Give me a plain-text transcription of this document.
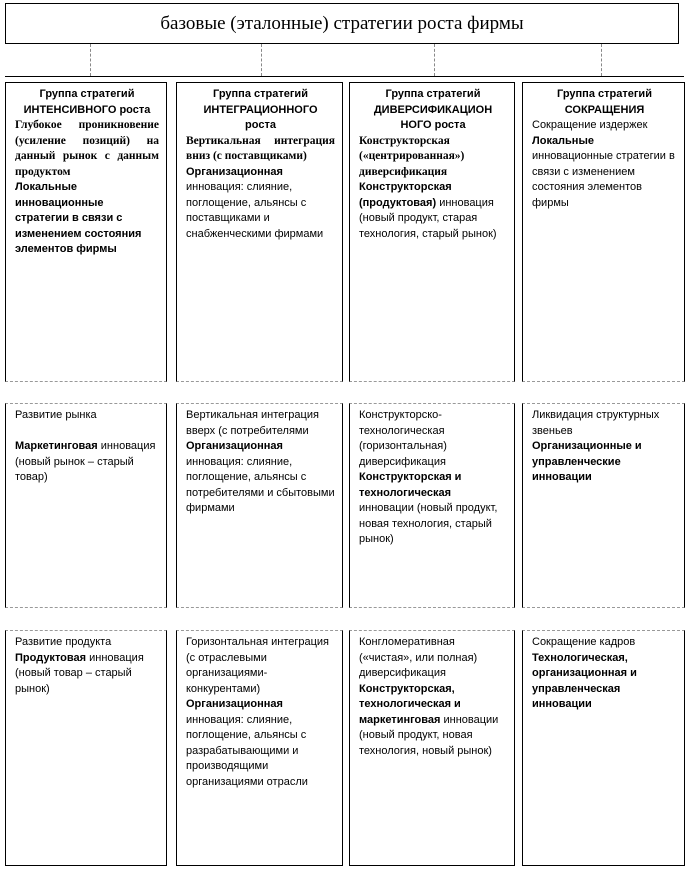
базовые (эталонные) стратегии роста фирмы
Группа стратегий
ИНТЕНСИВНОГО роста
Глубокое проникновение (усиление позиций) на данный рынок с данным продуктом
Локальные инновационные стратегии в связи с изменением состояния элементов фирмы
Развитие рынка

Маркетинговая инновация (новый рынок – старый товар)
Развитие продукта
Продуктовая инновация (новый товар – старый рынок)
Группа стратегий
ИНТЕГРАЦИОННОГО
роста
Вертикальная интеграция вниз (с поставщиками)
Организационная инновация: слияние, поглощение, альянсы с поставщиками и снабженческими фирмами
Вертикальная интеграция вверх (с потребителями
Организационная инновация: слияние, поглощение, альянсы с потребителями и сбытовыми фирмами
Горизонтальная интеграция (с отраслевыми организациями-конкурентами)
Организационная инновация: слияние, поглощение, альянсы с разрабатывающими и производящими организациями отрасли
Группа стратегий
ДИВЕРСИФИКАЦИОН
НОГО роста
Конструкторская («центрированная») диверсификация
Конструкторская (продуктовая) инновация (новый продукт, старая технология, старый рынок)
Конструкторско-технологическая (горизонтальная) диверсификация
Конструкторская и технологическая инновации (новый продукт, новая технология, старый рынок)
Конгломеративная («чистая», или полная) диверсификация
Конструкторская, технологическая и маркетинговая инновации (новый продукт, новая технология, новый рынок)
Группа стратегий
СОКРАЩЕНИЯ
Сокращение издержек
Локальные инновационные стратегии в связи с изменением состояния элементов фирмы
Ликвидация структурных звеньев
Организационные и управленческие инновации
Сокращение кадров
Технологическая, организационная и управленческая инновации
